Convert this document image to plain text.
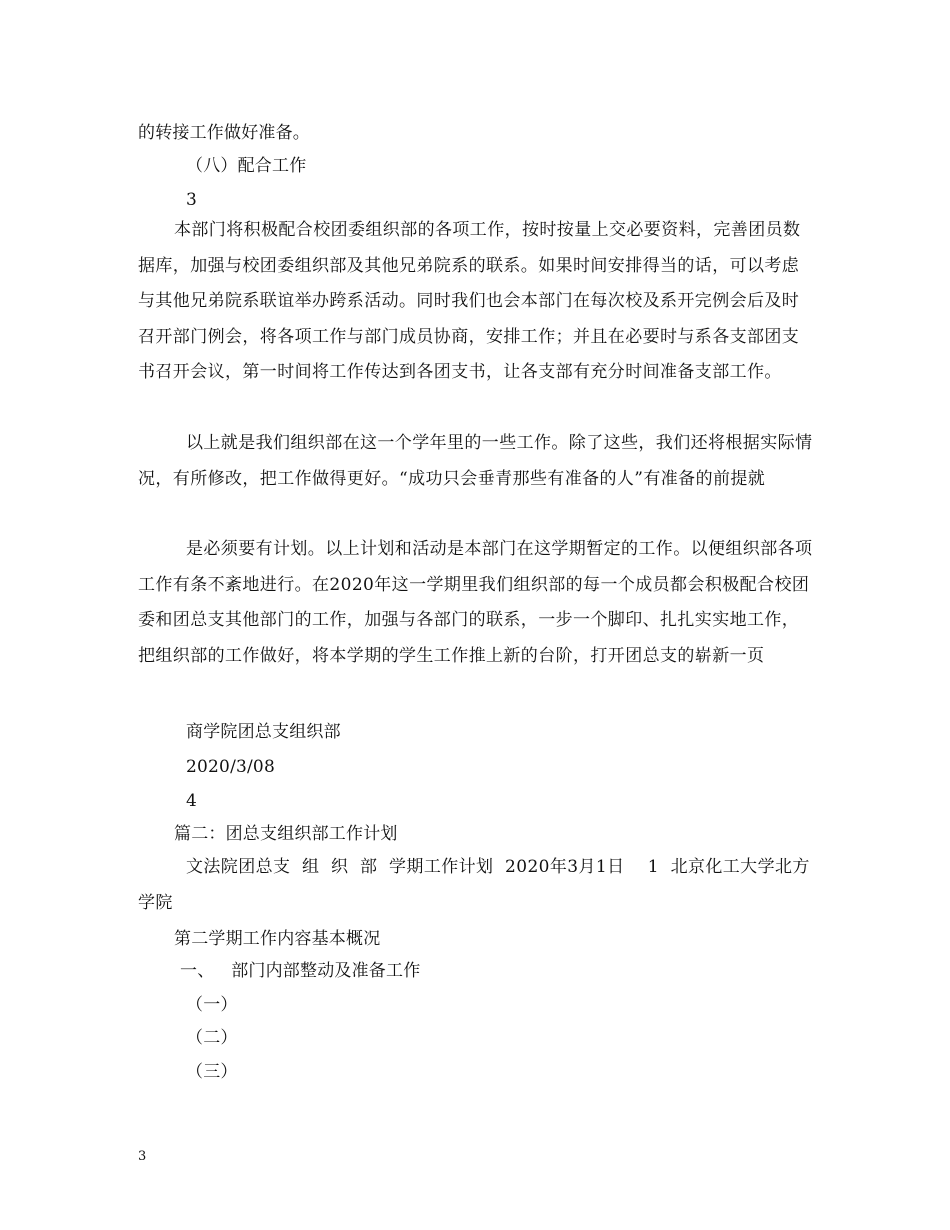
的转接工作做好准备。
（八）配合工作
3
本部门将积极配合校团委组织部的各项工作，按时按量上交必要资料，完善团员数据库，加强与校团委组织部及其他兄弟院系的联系。如果时间安排得当的话，可以考虑与其他兄弟院系联谊举办跨系活动。同时我们也会本部门在每次校及系开完例会后及时召开部门例会，将各项工作与部门成员协商，安排工作；并且在必要时与系各支部团支书召开会议，第一时间将工作传达到各团支书，让各支部有充分时间准备支部工作。
以上就是我们组织部在这一个学年里的一些工作。除了这些，我们还将根据实际情况，有所修改，把工作做得更好。“成功只会垂青那些有准备的人”有准备的前提就
是必须要有计划。以上计划和活动是本部门在这学期暂定的工作。以便组织部各项工作有条不紊地进行。在2020年这一学期里我们组织部的每一个成员都会积极配合校团委和团总支其他部门的工作，加强与各部门的联系，一步一个脚印、扎扎实实地工作，把组织部的工作做好，将本学期的学生工作推上新的台阶，打开团总支的崭新一页
商学院团总支组织部
2020/3/08
4
篇二：团总支组织部工作计划
文法院团总支  组  织  部  学期工作计划  2020年3月1日    1  北京化工大学北方学院
第二学期工作内容基本概况
一、   部门内部整动及准备工作
（一）
（二）
（三）
3
